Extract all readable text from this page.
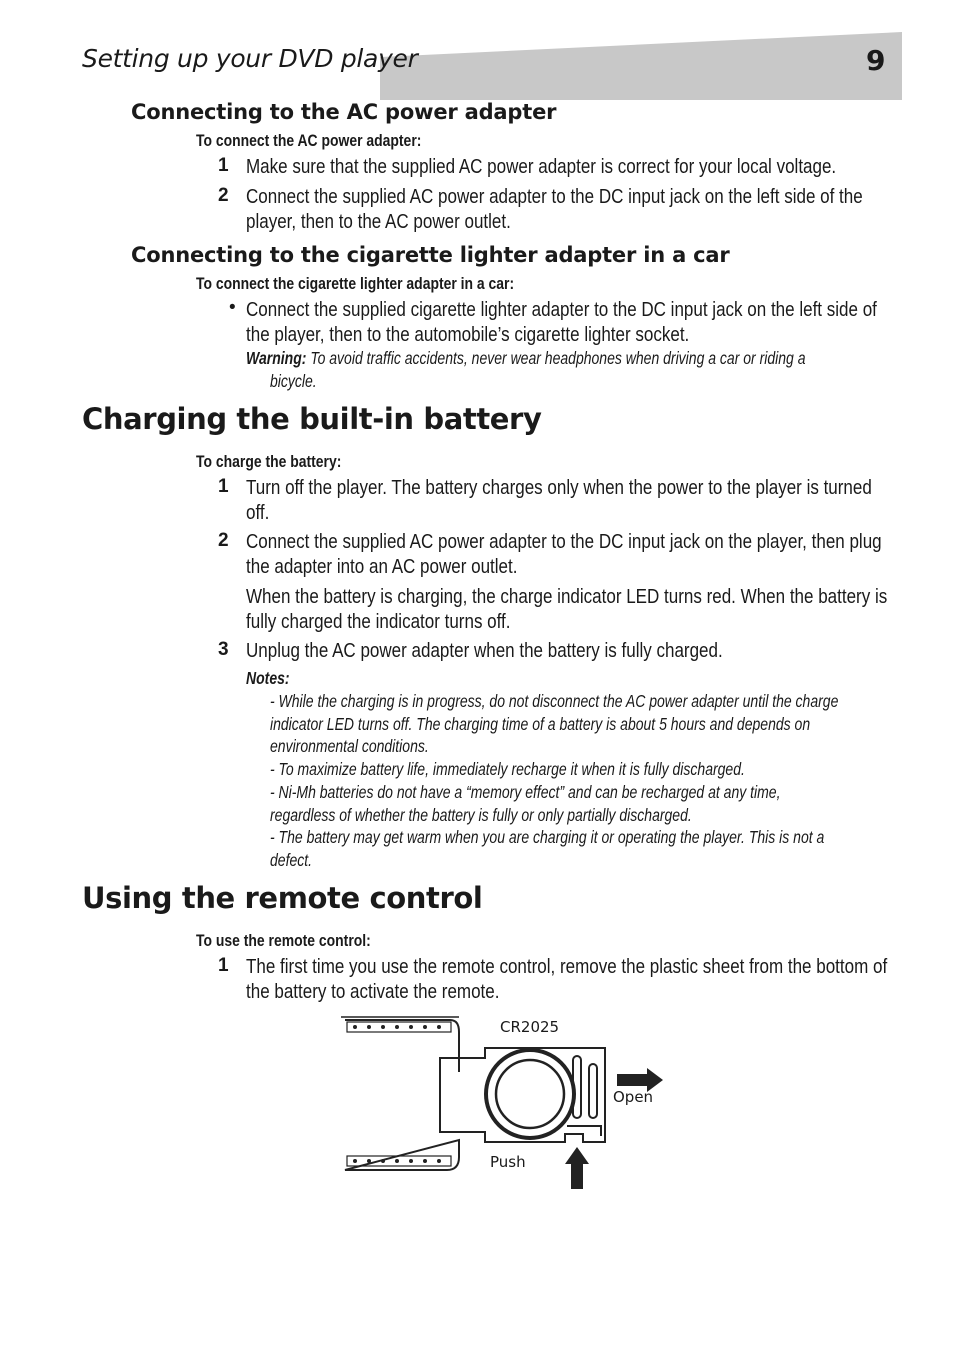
Setting up your DVD player	9
Connecting to the AC power adapter
To connect the AC power adapter:
1 Make sure that the supplied AC power adapter is correct for your local voltage.
2 Connect the supplied AC power adapter to the DC input jack on the left side of the
player, then to the AC power outlet.
Connecting to the cigarette lighter adapter in a car
To connect the cigarette lighter adapter in a car:
• Connect the supplied cigarette lighter adapter to the DC input jack on the left side of
the player, then to the automobile’s cigarette lighter socket.
Warning: To avoid traffic accidents, never wear headphones when driving a car or riding a
bicycle.
Charging the built-in battery
To charge the battery:
1 Turn off the player. The battery charges only when the power to the player is turned
off.
2 Connect the supplied AC power adapter to the DC input jack on the player, then plug
the adapter into an AC power outlet.
When the battery is charging, the charge indicator LED turns red. When the battery is
fully charged the indicator turns off.
3 Unplug the AC power adapter when the battery is fully charged.
Notes:
- While the charging is in progress, do not disconnect the AC power adapter until the charge
indicator LED turns off. The charging time of a battery is about 5 hours and depends on
environmental conditions.
- To maximize battery life, immediately recharge it when it is fully discharged.
- Ni-Mh batteries do not have a “memory effect” and can be recharged at any time,
regardless of whether the battery is fully or only partially discharged.
- The battery may get warm when you are charging it or operating the player. This is not a
defect.
Using the remote control
To use the remote control:
1 The first time you use the remote control, remove the plastic sheet from the bottom of
the battery to activate the remote.
CR2025
Open
Push
